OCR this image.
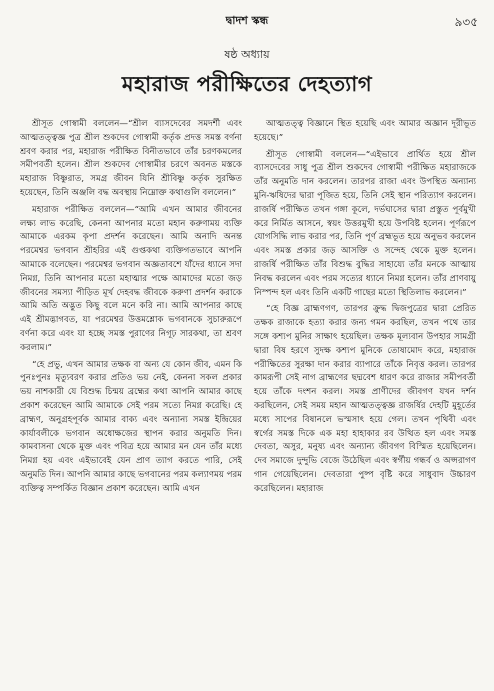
দ্বাদশ স্কন্ধ	৯৩৫
ষষ্ঠ অধ্যায়
মহারাজ পরীক্ষিতের দেহত্যাগ

শ্রীসূত গোস্বামী বললেন—“শ্রীল ব্যাসদেবের সমদর্শী এবং আত্মতত্ত্বজ্ঞ পুত্র শ্রীল শুকদেব গোস্বামী কর্তৃক প্রদত্ত সমস্ত বর্ণনা শ্রবণ করার পর, মহারাজ পরীক্ষিত বিনীতভাবে তাঁর চরণকমলের সমীপবর্তী হলেন। শ্রীল শুকদেব গোস্বামীর চরণে অবনত মস্তকে মহারাজ বিষ্ণুরাত, সমগ্র জীবন যিনি শ্রীবিষ্ণু কর্তৃক সুরক্ষিত হয়েছেন, তিনি অঞ্জলি বদ্ধ অবস্থায় নিম্নোক্ত কথাগুলি বললেন।”

মহারাজ পরীক্ষিত বললেন—“আমি এখন আমার জীবনের লক্ষ্য লাভ করেছি, কেননা আপনার মতো মহান করুণাময় ব্যক্তি আমাকে এরকম কৃপা প্রদর্শন করেছেন। আমি অনাদি অনন্ত পরমেশ্বর ভগবান শ্রীহরির এই গুপ্তকথা ব্যক্তিগতভাবে আপনি আমাকে বলেছেন। পরমেশ্বর ভগবান অজ্ঞতাবশে যাঁদের ধ্যানে সদা নিমগ্ন, তিনি আপনার মতো মহাত্মার পক্ষে আমাদের মতো জড় জীবনের সমস্যা পীড়িত মূর্খ দেহবদ্ধ জীবকে করুণা প্রদর্শন করাকে আমি অতি অদ্ভুত কিছু বলে মনে করি না। আমি আপনার কাছে এই শ্রীমদ্ভাগবত, যা পরমেশ্বর উত্তমশ্লোক ভগবানকে সুচারুরূপে বর্ণনা করে এবং যা হচ্ছে সমস্ত পুরাণের নিগূঢ় সারকথা, তা শ্রবণ করলাম।”

“হে প্রভু, এখন আমার তক্ষক বা অন্য যে কোন জীব, এমন কি পুনঃপুনঃ মৃত্যুবরণ করার প্রতিও ভয় নেই, কেননা সকল প্রকার ভয় নাশকারী যে বিশুদ্ধ চিন্ময় ব্রহ্মের কথা আপনি আমার কাছে প্রকাশ করেছেন আমি আমাকে সেই পরম সত্যে নিমগ্ন করেছি। হে ব্রাহ্মণ, অনুগ্রহপূর্বক আমার বাক্য এবং অন্যান্য সমস্ত ইন্দ্রিয়ের কার্যাবলীকে ভগবান অধোক্ষজের স্থাপন করার অনুমতি দিন। কামবাসনা থেকে মুক্ত এবং পবিত্র হয়ে আমার মন যেন তাঁর মধ্যে নিমগ্ন হয় এবং এইভাবেই যেন প্রাণ ত্যাগ করতে পারি, সেই অনুমতি দিন। আপনি আমার কাছে ভগবানের পরম কল্যাণময় পরম ব্যক্তিত্ব সম্পর্কিত বিজ্ঞান প্রকাশ করেছেন। আমি এখন

আত্মতত্ত্ব বিজ্ঞানে স্থিত হয়েছি এবং আমার অজ্ঞান দূরীভূত হয়েছে।”

শ্রীসূত গোস্বামী বললেন—“এইভাবে প্রার্থিত হয়ে শ্রীল ব্যাসদেবের সাধু পুত্র শ্রীল শুকদেব গোস্বামী পরীক্ষিত মহারাজকে তাঁর অনুমতি দান করলেন। তারপর রাজা এবং উপস্থিত অন্যান্য মুনি-ঋষিদের দ্বারা পূজিত হয়ে, তিনি সেই স্থান পরিত্যাগ করলেন। রাজর্ষি পরীক্ষিত তখন গঙ্গা কূলে, দর্ভঘাসের দ্বারা প্রস্তুত পূর্বমুখী করে নির্মিত আসনে, স্বয়ং উত্তরমুখী হয়ে উপবিষ্ট হলেন। পূর্ণরূপে যোগসিদ্ধি লাভ করার পর, তিনি পূর্ণ ব্রহ্মভূত হয়ে অনুভব করলেন এবং সমস্ত প্রকার জড় আসক্তি ও সন্দেহ থেকে মুক্ত হলেন। রাজর্ষি পরীক্ষিত তাঁর বিশুদ্ধ বুদ্ধির সাহায্যে তাঁর মনকে আত্মায় নিবদ্ধ করলেন এবং পরম সত্যের ধ্যানে নিমগ্ন হলেন। তাঁর প্রাণবায়ু নিস্পন্দ হল এবং তিনি একটি গাছের মতো স্থিতিলাভ করলেন।”

“হে বিজ্ঞ ব্রাহ্মণগণ, তারপর ক্রুদ্ধ দ্বিজপুত্রের দ্বারা প্রেরিত তক্ষক রাজাকে হত্যা করার জন্য গমন করছিল, তখন পথে তার সঙ্গে কশ্যপ মুনির সাক্ষাৎ হয়েছিল। তক্ষক মূল্যবান উপহার সামগ্রী দ্বারা বিষ হরণে সুদক্ষ কশ্যপ মুনিকে তোষামোদ করে, মহারাজ পরীক্ষিতের সুরক্ষা দান করার ব্যাপারে তাঁকে নিবৃত্ত করল। তারপর কামরূপী সেই নাগ ব্রাহ্মণের ছদ্মবেশ ধারণ করে রাজার সমীপবর্তী হয়ে তাঁকে দংশন করল। সমস্ত প্রাণীদের জীবগণ যখন দর্শন করছিলেন, সেই সময় মহান আত্মতত্ত্বজ্ঞ রাজর্ষির দেহটি মুহূর্তের মধ্যে সাপের বিষানলে ভস্মসাৎ হয়ে গেল। তখন পৃথিবী এবং স্বর্গের সমস্ত দিকে এক মহা হাহাকার রব উত্থিত হল এবং সমস্ত দেবতা, অসুর, মনুষ্য এবং অন্যান্য জীবগণ বিস্মিত হয়েছিলেন। দেব সমাজে দুন্দুভি বেজে উঠেছিল এবং স্বর্গীয় গন্ধর্ব ও অপ্সরাগণ গান গেয়েছিলেন। দেবতারা পুষ্প বৃষ্টি করে সাধুবাদ উচ্চারণ করেছিলেন। মহারাজ
